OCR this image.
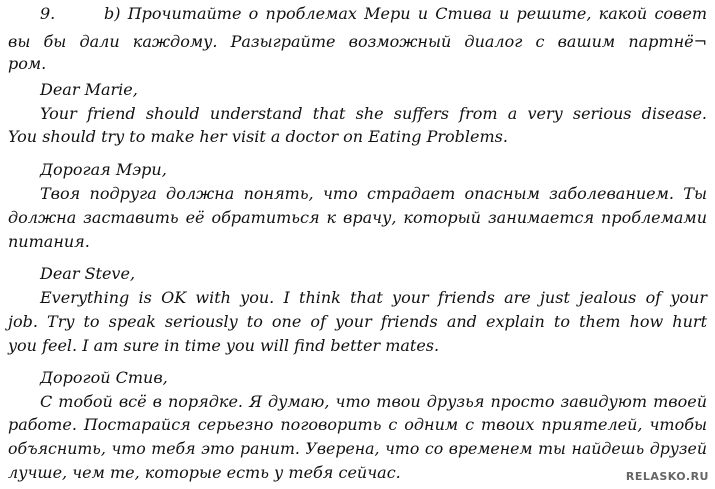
9.	b) Прочитайте о проблемах Мери и Стива и решите, какой совет
вы бы дали каждому. Разыграйте возможный диалог с вашим партнё¬
ром.
Dear Marie,
Your friend should understand that she suffers from a very serious disease.
You should try to make her visit a doctor on Eating Problems.
Дорогая Мэри,
Твоя подруга должна понять, что страдает опасным заболеванием. Ты
должна заставить её обратиться к врачу, который занимается проблемами
питания.
Dear Steve,
Everything is OK with you. I think that your friends are just jealous of your
job. Try to speak seriously to one of your friends and explain to them how hurt
you feel. I am sure in time you will find better mates.
Дорогой Стив,
С тобой всё в порядке. Я думаю, что твои друзья просто завидуют твоей
работе. Постарайся серьезно поговорить с одним с твоих приятелей, чтобы
объяснить, что тебя это ранит. Уверена, что со временем ты найдешь друзей
лучше, чем те, которые есть у тебя сейчас.	RELASKO.RU
